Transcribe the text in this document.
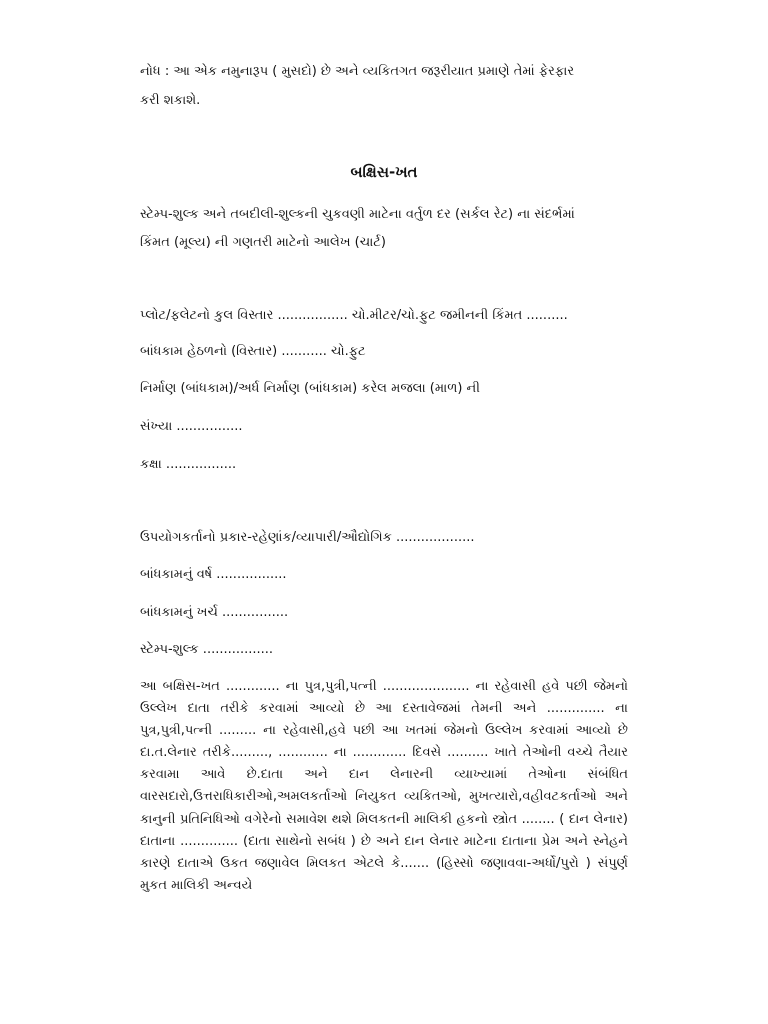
નોધ : આ એક નમુનારૂપ ( મુસદો) છે અને વ્યકિતગત જરૂરીયાત પ્રમાણે તેમાં ફેરફાર
કરી શકાશે.
બક્ષિસ-ખત
સ્ટેમ્પ-શુલ્ક અને તબદીલી-શુલ્કની ચુકવણી માટેના વર્તુળ દર (સર્કલ રેટ) ના સંદર્ભમાં
કિંમત (મૂલ્ય) ની ગણતરી માટેનો આલેખ (ચાર્ટ)
પ્લોટ/ફલેટનો કુલ વિસ્તાર ................. ચો.મીટર/ચો.ફુટ જમીનની કિંમત ..........
બાંધકામ હેઠળનો (વિસ્તાર) ........... ચો.ફુટ
નિર્માણ (બાંધકામ)/અર્ધ નિર્માણ (બાંધકામ) કરેલ મજલા (માળ) ની
સંખ્યા ................
કક્ષા .................
ઉપયોગકર્તાનો પ્રકાર-રહેણાંક/વ્યાપારી/ઔદ્યોગિક ...................
બાંધકામનું વર્ષ .................
બાંધકામનું ખર્ચ ................
સ્ટેમ્પ-શુલ્ક .................
આ બક્ષિસ-ખત ............. ના પુત્ર,પુત્રી,પત્ની ..................... ના રહેવાસી હવે પછી જેમનો ઉલ્લેખ દાતા તરીકે કરવામાં આવ્યો છે આ દસ્તાવેજમાં તેમની અને .............. ના પુત્ર,પુત્રી,પત્ની ......... ના રહેવાસી,હવે પછી આ ખતમાં જેમનો ઉલ્લેખ કરવામાં આવ્યો છે દા.ત.લેનાર તરીકે........., ............ ના ............. દિવસે .......... ખાતે તેઓની વચ્ચે તૈયાર કરવામા આવે છે.દાતા અને દાન લેનારની વ્યાખ્યામાં તેઓના સંબંધિત વારસદારો,ઉત્તરાધિકારીઓ,અમલકર્તાઓ નિયુકત વ્યકિતઓ, મુખત્યારો,વહીવટકર્તાઓ અને કાનુની પ્રતિનિધિઓ વગેરેનો સમાવેશ થશે મિલકતની માલિકી હકનો સ્ત્રોત ........ ( દાન લેનાર) દાતાના .............. (દાતા સાથેનો સબંધ ) છે અને દાન લેનાર માટેના દાતાના પ્રેમ અને સ્નેહને કારણે દાતાએ ઉકત જણાવેલ મિલકત એટલે કે....... (હિસ્સો જણાવવા-અર્ધો/પુરો ) સંપુર્ણ મુકત માલિકી અન્વયે
